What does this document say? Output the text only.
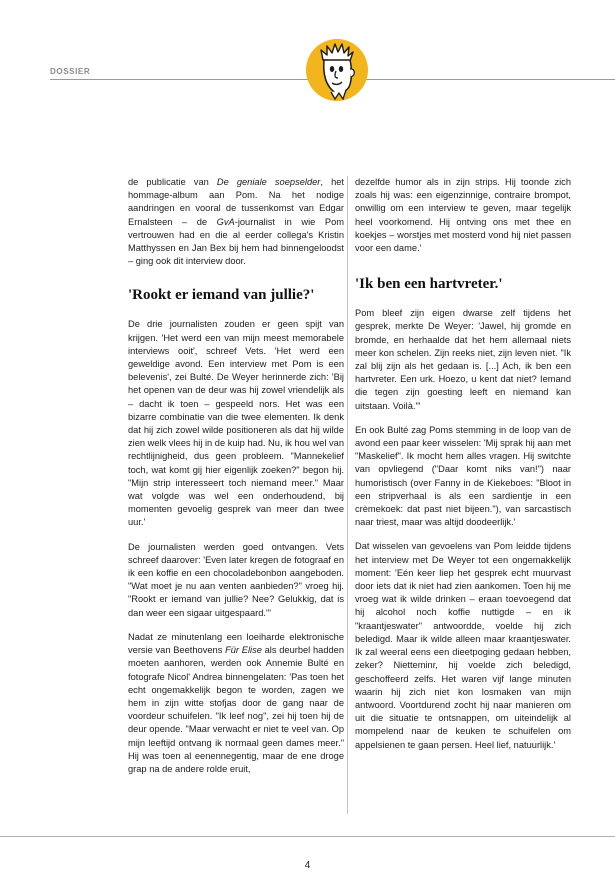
DOSSIER

de publicatie van De geniale soepselder, het hommage-album aan Pom. Na het nodige aandringen en vooral de tussenkomst van Edgar Ernalsteen – de GvA-journalist in wie Pom vertrouwen had en die al eerder collega's Kristin Matthyssen en Jan Bex bij hem had binnengeloodst – ging ook dit interview door.

'Rookt er iemand van jullie?'

De drie journalisten zouden er geen spijt van krijgen. 'Het werd een van mijn meest memorabele interviews ooit', schreef Vets. 'Het werd een geweldige avond. Een interview met Pom is een belevenis', zei Bulté. De Weyer herinnerde zich: 'Bij het openen van de deur was hij zowel vriendelijk als – dacht ik toen – gespeeld nors. Het was een bizarre combinatie van die twee elementen. Ik denk dat hij zich zowel wilde positioneren als dat hij wilde zien welk vlees hij in de kuip had. Nu, ik hou wel van rechtlijnigheid, dus geen probleem. "Mannekelief toch, wat komt gij hier eigenlijk zoeken?" begon hij. "Mijn strip interesseert toch niemand meer." Maar wat volgde was wel een onderhoudend, bij momenten gevoelig gesprek van meer dan twee uur.'

De journalisten werden goed ontvangen. Vets schreef daarover: 'Even later kregen de fotograaf en ik een koffie en een chocoladebonbon aangeboden. "Wat moet je nu aan venten aanbieden?" vroeg hij. "Rookt er iemand van jullie? Nee? Gelukkig, dat is dan weer een sigaar uitgespaard."'

Nadat ze minutenlang een loeiharde elektronische versie van Beethovens Für Elise als deurbel hadden moeten aanhoren, werden ook Annemie Bulté en fotografe Nicol' Andrea binnengelaten: 'Pas toen het echt ongemakkelijk begon te worden, zagen we hem in zijn witte stofjas door de gang naar de voordeur schuifelen. "Ik leef nog", zei hij toen hij de deur opende. "Maar verwacht er niet te veel van. Op mijn leeftijd ontvang ik normaal geen dames meer." Hij was toen al eenennegentig, maar de ene droge grap na de andere rolde eruit,

dezelfde humor als in zijn strips. Hij toonde zich zoals hij was: een eigenzinnige, contraire brompot, onwillig om een interview te geven, maar tegelijk heel voorkomend. Hij ontving ons met thee en koekjes – worstjes met mosterd vond hij niet passen voor een dame.'

'Ik ben een hartvreter.'

Pom bleef zijn eigen dwarse zelf tijdens het gesprek, merkte De Weyer: 'Jawel, hij gromde en bromde, en herhaalde dat het hem allemaal niets meer kon schelen. Zijn reeks niet, zijn leven niet. "Ik zal blij zijn als het gedaan is. [...] Ach, ik ben een hartvreter. Een urk. Hoezo, u kent dat niet? Iemand die tegen zijn goesting leeft en niemand kan uitstaan. Voilà."'

En ook Bulté zag Poms stemming in de loop van de avond een paar keer wisselen: 'Mij sprak hij aan met "Maskelief". Ik mocht hem alles vragen. Hij switchte van opvliegend ("Daar komt niks van!") naar humoristisch (over Fanny in de Kiekeboes: "Bloot in een stripverhaal is als een sardientje in een crèmekoek: dat past niet bijeen."), van sarcastisch naar triest, maar was altijd doodeerlijk.'

Dat wisselen van gevoelens van Pom leidde tijdens het interview met De Weyer tot een ongemakkelijk moment: 'Eén keer liep het gesprek echt muurvast door iets dat ik niet had zien aankomen. Toen hij me vroeg wat ik wilde drinken – eraan toevoegend dat hij alcohol noch koffie nuttigde – en ik "kraantjeswater" antwoordde, voelde hij zich beledigd. Maar ik wilde alleen maar kraantjeswater. Ik zal weeral eens een dieetpoging gedaan hebben, zeker? Nietteminr, hij voelde zich beledigd, geschoffeerd zelfs. Het waren vijf lange minuten waarin hij zich niet kon losmaken van mijn antwoord. Voortdurend zocht hij naar manieren om uit die situatie te ontsnappen, om uiteindelijk al mompelend naar de keuken te schuifelen om appelsienen te gaan persen. Heel lief, natuurlijk.'

4
